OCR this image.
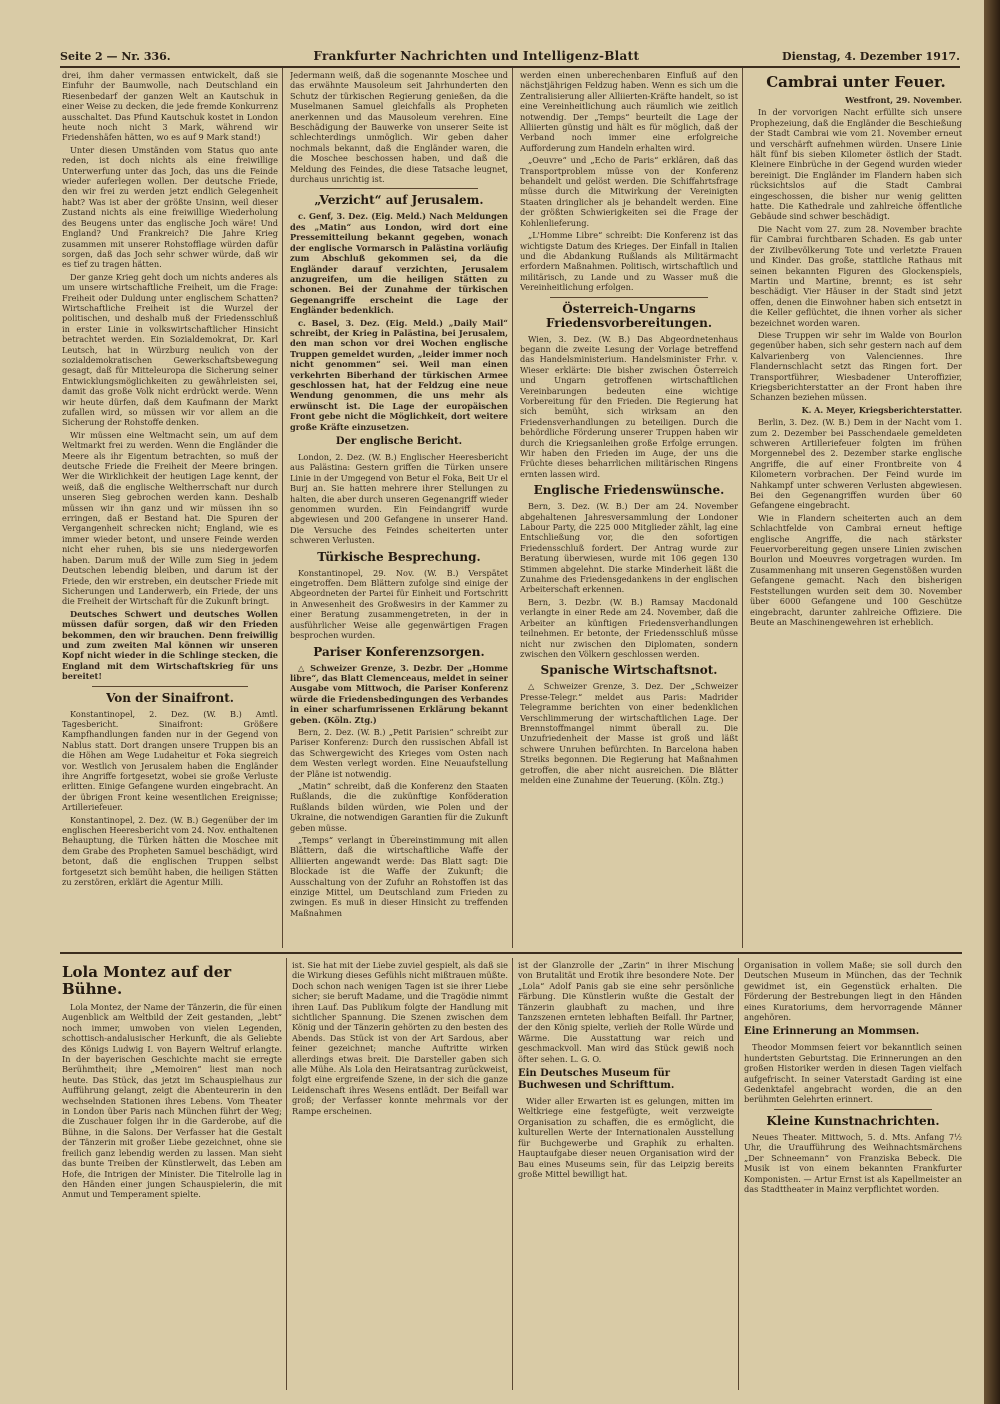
Seite 2 — Nr. 336.	Frankfurter Nachrichten und Intelligenz-Blatt	Dienstag, 4. Dezember 1917.

drei, ihm daher vermassen entwickelt, daß sie Einfuhr der Baumwolle, nach Deutschland ein Riesenbedarf der ganzen Welt an Kautschuk in einer Weise zu decken, die jede fremde Konkurrenz ausschaltet. Das Pfund Kautschuk kostet in London heute noch nicht 3 Mark, während wir Friedenshäfen hätten, wo es auf 9 Mark stand!)

Unter diesen Umständen vom Status quo ante reden, ist doch nichts als eine freiwillige Unterwerfung unter das Joch, das uns die Feinde wieder auferlegen wollen. Der deutsche Friede, den wir frei zu werden jetzt endlich Gelegenheit habt? Was ist aber der größte Unsinn, weil dieser Zustand nichts als eine freiwillige Wiederholung des Beugens unter das englische Joch wäre! Und England? Und Frankreich? Die Jahre Krieg zusammen mit unserer Rohstofflage würden dafür sorgen, daß das Joch sehr schwer würde, daß wir es tief zu tragen hätten.

Der ganze Krieg geht doch um nichts anderes als um unsere wirtschaftliche Freiheit, um die Frage: Freiheit oder Duldung unter englischem Schatten? Wirtschaftliche Freiheit ist die Wurzel der politischen, und deshalb muß der Friedensschluß in erster Linie in volkswirtschaftlicher Hinsicht betrachtet werden. Ein Sozialdemokrat, Dr. Karl Leutsch, hat in Würzburg neulich von der sozialdemokratischen Gewerkschaftsbewegung gesagt, daß für Mitteleuropa die Sicherung seiner Entwicklungsmöglichkeiten zu gewährleisten sei, damit das große Volk nicht erdrückt werde. Wenn wir heute dürfen, daß dem Kaufmann der Markt zufallen wird, so müssen wir vor allem an die Sicherung der Rohstoffe denken.

Wir müssen eine Weltmacht sein, um auf dem Weltmarkt frei zu werden. Wenn die Engländer die Meere als ihr Eigentum betrachten, so muß der deutsche Friede die Freiheit der Meere bringen. Wer die Wirklichkeit der heutigen Lage kennt, der weiß, daß die englische Weltherrschaft nur durch unseren Sieg gebrochen werden kann. Deshalb müssen wir ihn ganz und wir müssen ihn so erringen, daß er Bestand hat. Die Spuren der Vergangenheit schrecken nicht; England, wie es immer wieder betont, und unsere Feinde werden nicht eher ruhen, bis sie uns niedergeworfen haben. Darum muß der Wille zum Sieg in jedem Deutschen lebendig bleiben, und darum ist der Friede, den wir erstreben, ein deutscher Friede mit Sicherungen und Landerwerb, ein Friede, der uns die Freiheit der Wirtschaft für die Zukunft bringt.

Deutsches Schwert und deutsches Wollen müssen dafür sorgen, daß wir den Frieden bekommen, den wir brauchen. Denn freiwillig und zum zweiten Mal können wir unseren Kopf nicht wieder in die Schlinge stecken, die England mit dem Wirtschaftskrieg für uns bereitet!

Von der Sinaifront.

Konstantinopel, 2. Dez. (W. B.) Amtl. Tagesbericht. Sinaifront: Größere Kampfhandlungen fanden nur in der Gegend von Nablus statt. Dort drangen unsere Truppen bis an die Höhen am Wege Ludaheitur et Foka siegreich vor. Westlich von Jerusalem haben die Engländer ihre Angriffe fortgesetzt, wobei sie große Verluste erlitten. Einige Gefangene wurden eingebracht. An der übrigen Front keine wesentlichen Ereignisse; Artilleriefeuer.

Konstantinopel, 2. Dez. (W. B.) Gegenüber der im englischen Heeresbericht vom 24. Nov. enthaltenen Behauptung, die Türken hätten die Moschee mit dem Grabe des Propheten Samuel beschädigt, wird betont, daß die englischen Truppen selbst fortgesetzt sich bemüht haben, die heiligen Stätten zu zerstören, erklärt die Agentur Milli.

Jedermann weiß, daß die sogenannte Moschee und das erwähnte Mausoleum seit Jahrhunderten den Schutz der türkischen Regierung genießen, da die Muselmanen Samuel gleichfalls als Propheten anerkennen und das Mausoleum verehren. Eine Beschädigung der Bauwerke von unserer Seite ist schlechterdings unmöglich. Wir geben daher nochmals bekannt, daß die Engländer waren, die die Moschee beschossen haben, und daß die Meldung des Feindes, die diese Tatsache leugnet, durchaus unrichtig ist.

„Verzicht“ auf Jerusalem.

c. Genf, 3. Dez. (Eig. Meld.) Nach Meldungen des „Matin“ aus London, wird dort eine Pressemitteilung bekannt gegeben, wonach der englische Vormarsch in Palästina vorläufig zum Abschluß gekommen sei, da die Engländer darauf verzichten, Jerusalem anzugreifen, um die heiligen Stätten zu schonen. Bei der Zunahme der türkischen Gegenangriffe erscheint die Lage der Engländer bedenklich.

c. Basel, 3. Dez. (Eig. Meld.) „Daily Mail“ schreibt, der Krieg in Palästina, bei Jerusalem, den man schon vor drei Wochen englische Truppen gemeldet wurden, „leider immer noch nicht genommen“ sei. Weil man einen verkehrten Biberhand der türkischen Armee geschlossen hat, hat der Feldzug eine neue Wendung genommen, die uns mehr als erwünscht ist. Die Lage der europäischen Front gebe nicht die Möglichkeit, dort weitere große Kräfte einzusetzen.

Der englische Bericht.

London, 2. Dez. (W. B.) Englischer Heeresbericht aus Palästina: Gestern griffen die Türken unsere Linie in der Umgegend von Betur el Foka, Beit Ur el Burj an. Sie hatten mehrere ihrer Stellungen zu halten, die aber durch unseren Gegenangriff wieder genommen wurden. Ein Feindangriff wurde abgewiesen und 200 Gefangene in unserer Hand. Die Versuche des Feindes scheiterten unter schweren Verlusten.

Türkische Besprechung.

Konstantinopel, 29. Nov. (W. B.) Verspätet eingetroffen. Dem Blättern zufolge sind einige der Abgeordneten der Partei für Einheit und Fortschritt in Anwesenheit des Großwesirs in der Kammer zu einer Beratung zusammengetreten, in der in ausführlicher Weise alle gegenwärtigen Fragen besprochen wurden.

Pariser Konferenzsorgen.

△ Schweizer Grenze, 3. Dezbr. Der „Homme libre“, das Blatt Clemenceaus, meldet in seiner Ausgabe vom Mittwoch, die Pariser Konferenz würde die Friedensbedingungen des Verbandes in einer scharfumrissenen Erklärung bekannt geben. (Köln. Ztg.)

Bern, 2. Dez. (W. B.) „Petit Parisien“ schreibt zur Pariser Konferenz: Durch den russischen Abfall ist das Schwergewicht des Krieges vom Osten nach dem Westen verlegt worden. Eine Neuaufstellung der Pläne ist notwendig.

„Matin“ schreibt, daß die Konferenz den Staaten Rußlands, die die zukünftige Konföderation Rußlands bilden würden, wie Polen und der Ukraine, die notwendigen Garantien für die Zukunft geben müsse.

„Temps“ verlangt in Übereinstimmung mit allen Blättern, daß die wirtschaftliche Waffe der Alliierten angewandt werde: Das Blatt sagt: Die Blockade ist die Waffe der Zukunft; die Ausschaltung von der Zufuhr an Rohstoffen ist das einzige Mittel, um Deutschland zum Frieden zu zwingen. Es muß in dieser Hinsicht zu treffenden Maßnahmen

werden einen unberechenbaren Einfluß auf den nächstjährigen Feldzug haben. Wenn es sich um die Zentralisierung aller Alliierten-Kräfte handelt, so ist eine Vereinheitlichung auch räumlich wie zeitlich notwendig. Der „Temps“ beurteilt die Lage der Alliierten günstig und hält es für möglich, daß der Verband noch immer eine erfolgreiche Aufforderung zum Handeln erhalten wird.

„Oeuvre“ und „Echo de Paris“ erklären, daß das Transportproblem müsse von der Konferenz behandelt und gelöst werden. Die Schiffahrtsfrage müsse durch die Mitwirkung der Vereinigten Staaten dringlicher als je behandelt werden. Eine der größten Schwierigkeiten sei die Frage der Kohlenlieferung.

„L'Homme Libre“ schreibt: Die Konferenz ist das wichtigste Datum des Krieges. Der Einfall in Italien und die Abdankung Rußlands als Militärmacht erfordern Maßnahmen. Politisch, wirtschaftlich und militärisch, zu Lande und zu Wasser muß die Vereinheitlichung erfolgen.

Österreich-Ungarns Friedensvorbereitungen.

Wien, 3. Dez. (W. B.) Das Abgeordnetenhaus begann die zweite Lesung der Vorlage betreffend das Handelsministerium. Handelsminister Frhr. v. Wieser erklärte: Die bisher zwischen Österreich und Ungarn getroffenen wirtschaftlichen Vereinbarungen bedeuten eine wichtige Vorbereitung für den Frieden. Die Regierung hat sich bemüht, sich wirksam an den Friedensverhandlungen zu beteiligen. Durch die behördliche Förderung unserer Truppen haben wir durch die Kriegsanleihen große Erfolge errungen. Wir haben den Frieden im Auge, der uns die Früchte dieses beharrlichen militärischen Ringens ernten lassen wird.

Englische Friedenswünsche.

Bern, 3. Dez. (W. B.) Der am 24. November abgehaltenen Jahresversammlung der Londoner Labour Party, die 225 000 Mitglieder zählt, lag eine Entschließung vor, die den sofortigen Friedensschluß fordert. Der Antrag wurde zur Beratung überwiesen, wurde mit 106 gegen 130 Stimmen abgelehnt. Die starke Minderheit läßt die Zunahme des Friedensgedankens in der englischen Arbeiterschaft erkennen.

Bern, 3. Dezbr. (W. B.) Ramsay Macdonald verlangte in einer Rede am 24. November, daß die Arbeiter an künftigen Friedensverhandlungen teilnehmen. Er betonte, der Friedensschluß müsse nicht nur zwischen den Diplomaten, sondern zwischen den Völkern geschlossen werden.

Spanische Wirtschaftsnot.

△ Schweizer Grenze, 3. Dez. Der „Schweizer Presse-Telegr.“ meldet aus Paris: Madrider Telegramme berichten von einer bedenklichen Verschlimmerung der wirtschaftlichen Lage. Der Brennstoffmangel nimmt überall zu. Die Unzufriedenheit der Masse ist groß und läßt schwere Unruhen befürchten. In Barcelona haben Streiks begonnen. Die Regierung hat Maßnahmen getroffen, die aber nicht ausreichen. Die Blätter melden eine Zunahme der Teuerung. (Köln. Ztg.)

Cambrai unter Feuer.

Westfront, 29. November.

In der vorvorigen Nacht erfüllte sich unsere Prophezeiung, daß die Engländer die Beschießung der Stadt Cambrai wie vom 21. November erneut und verschärft aufnehmen würden. Unsere Linie hält fünf bis sieben Kilometer östlich der Stadt. Kleinere Einbrüche in der Gegend wurden wieder bereinigt. Die Engländer im Flandern haben sich rücksichtslos auf die Stadt Cambrai eingeschossen, die bisher nur wenig gelitten hatte. Die Kathedrale und zahlreiche öffentliche Gebäude sind schwer beschädigt.

Die Nacht vom 27. zum 28. November brachte für Cambrai furchtbaren Schaden. Es gab unter der Zivilbevölkerung Tote und verletzte Frauen und Kinder. Das große, stattliche Rathaus mit seinen bekannten Figuren des Glockenspiels, Martin und Martine, brennt; es ist sehr beschädigt. Vier Häuser in der Stadt sind jetzt offen, denen die Einwohner haben sich entsetzt in die Keller geflüchtet, die ihnen vorher als sicher bezeichnet worden waren.

Diese Truppen wir sehr im Walde von Bourlon gegenüber haben, sich sehr gestern nach auf dem Kalvarienberg von Valenciennes. Ihre Flandernschlacht setzt das Ringen fort. Der Transportführer, Wiesbadener Unteroffizier, Kriegsberichterstatter an der Front haben ihre Schanzen beziehen müssen.

K. A. Meyer, Kriegsberichterstatter.

Berlin, 3. Dez. (W. B.) Dem in der Nacht vom 1. zum 2. Dezember bei Passchendaele gemeldeten schweren Artilleriefeuer folgten im frühen Morgennebel des 2. Dezember starke englische Angriffe, die auf einer Frontbreite von 4 Kilometern vorbrachen. Der Feind wurde im Nahkampf unter schweren Verlusten abgewiesen. Bei den Gegenangriffen wurden über 60 Gefangene eingebracht.

Wie in Flandern scheiterten auch an dem Schlachtfelde von Cambrai erneut heftige englische Angriffe, die nach stärkster Feuervorbereitung gegen unsere Linien zwischen Bourlon und Moeuvres vorgetragen wurden. Im Zusammenhang mit unseren Gegenstößen wurden Gefangene gemacht. Nach den bisherigen Feststellungen wurden seit dem 30. November über 6000 Gefangene und 100 Geschütze eingebracht, darunter zahlreiche Offiziere. Die Beute an Maschinengewehren ist erheblich.

Lola Montez auf der Bühne.

Lola Montez, der Name der Tänzerin, die für einen Augenblick am Weltbild der Zeit gestanden, „lebt“ noch immer, umwoben von vielen Legenden, schottisch-andalusischer Herkunft, die als Geliebte des Königs Ludwig I. von Bayern Weltruf erlangte. In der bayerischen Geschichte macht sie erregte Berühmtheit; ihre „Memoiren“ liest man noch heute. Das Stück, das jetzt im Schauspielhaus zur Aufführung gelangt, zeigt die Abenteurerin in den wechselnden Stationen ihres Lebens. Vom Theater in London über Paris nach München führt der Weg; die Zuschauer folgen ihr in die Garderobe, auf die Bühne, in die Salons. Der Verfasser hat die Gestalt der Tänzerin mit großer Liebe gezeichnet, ohne sie freilich ganz lebendig werden zu lassen. Man sieht das bunte Treiben der Künstlerwelt, das Leben am Hofe, die Intrigen der Minister. Die Titelrolle lag in den Händen einer jungen Schauspielerin, die mit Anmut und Temperament spielte.

ist. Sie hat mit der Liebe zuviel gespielt, als daß sie die Wirkung dieses Gefühls nicht mißtrauen müßte. Doch schon nach wenigen Tagen ist sie ihrer Liebe sicher; sie beruft Madame, und die Tragödie nimmt ihren Lauf. Das Publikum folgte der Handlung mit sichtlicher Spannung. Die Szenen zwischen dem König und der Tänzerin gehörten zu den besten des Abends. Das Stück ist von der Art Sardous, aber feiner gezeichnet; manche Auftritte wirken allerdings etwas breit. Die Darsteller gaben sich alle Mühe. Als Lola den Heiratsantrag zurückweist, folgt eine ergreifende Szene, in der sich die ganze Leidenschaft ihres Wesens entlädt. Der Beifall war groß; der Verfasser konnte mehrmals vor der Rampe erscheinen.

ist der Glanzrolle der „Zarin“ in ihrer Mischung von Brutalität und Erotik ihre besondere Note. Der „Lola“ Adolf Panis gab sie eine sehr persönliche Färbung. Die Künstlerin wußte die Gestalt der Tänzerin glaubhaft zu machen, und ihre Tanzszenen ernteten lebhaften Beifall. Ihr Partner, der den König spielte, verlieh der Rolle Würde und Wärme. Die Ausstattung war reich und geschmackvoll. Man wird das Stück gewiß noch öfter sehen. L. G. O.

Ein Deutsches Museum für Buchwesen und Schrifttum.

Wider aller Erwarten ist es gelungen, mitten im Weltkriege eine festgefügte, weit verzweigte Organisation zu schaffen, die es ermöglicht, die kulturellen Werte der Internationalen Ausstellung für Buchgewerbe und Graphik zu erhalten. Hauptaufgabe dieser neuen Organisation wird der Bau eines Museums sein, für das Leipzig bereits große Mittel bewilligt hat.

Organisation in vollem Maße; sie soll durch den Deutschen Museum in München, das der Technik gewidmet ist, ein Gegenstück erhalten. Die Förderung der Bestrebungen liegt in den Händen eines Kuratoriums, dem hervorragende Männer angehören.

Eine Erinnerung an Mommsen.

Theodor Mommsen feiert vor bekanntlich seinen hundertsten Geburtstag. Die Erinnerungen an den großen Historiker werden in diesen Tagen vielfach aufgefrischt. In seiner Vaterstadt Garding ist eine Gedenktafel angebracht worden, die an den berühmten Gelehrten erinnert.

Kleine Kunstnachrichten.

Neues Theater. Mittwoch, 5. d. Mts. Anfang 7½ Uhr, die Uraufführung des Weihnachtsmärchens „Der Schneemann“ von Franziska Bebeck. Die Musik ist von einem bekannten Frankfurter Komponisten. — Artur Ernst ist als Kapellmeister an das Stadttheater in Mainz verpflichtet worden.
